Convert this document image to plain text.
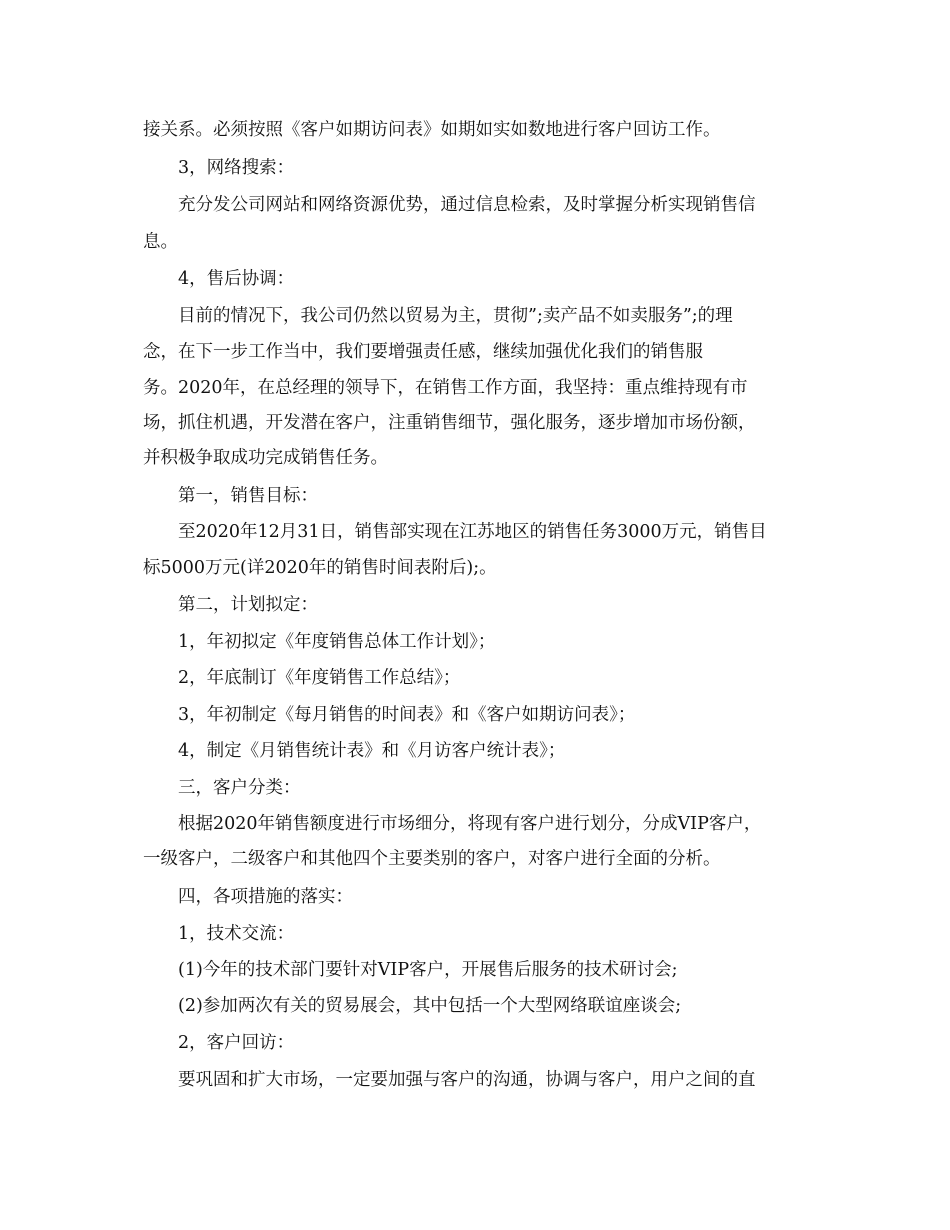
接关系。必须按照《客户如期访问表》如期如实如数地进行客户回访工作。
3，网络搜索：
充分发公司网站和网络资源优势，通过信息检索，及时掌握分析实现销售信
息。
4，售后协调：
目前的情况下，我公司仍然以贸易为主，贯彻”;卖产品不如卖服务”;的理
念，在下一步工作当中，我们要增强责任感，继续加强优化我们的销售服
务。2020年，在总经理的领导下，在销售工作方面，我坚持：重点维持现有市
场，抓住机遇，开发潜在客户，注重销售细节，强化服务，逐步增加市场份额，
并积极争取成功完成销售任务。
第一，销售目标：
至2020年12月31日，销售部实现在江苏地区的销售任务3000万元，销售目
标5000万元(详2020年的销售时间表附后);。
第二，计划拟定：
1，年初拟定《年度销售总体工作计划》；
2，年底制订《年度销售工作总结》；
3，年初制定《每月销售的时间表》和《客户如期访问表》；
4，制定《月销售统计表》和《月访客户统计表》；
三，客户分类：
根据2020年销售额度进行市场细分，将现有客户进行划分，分成VIP客户，
一级客户，二级客户和其他四个主要类别的客户，对客户进行全面的分析。
四，各项措施的落实：
1，技术交流：
(1)今年的技术部门要针对VIP客户，开展售后服务的技术研讨会;
(2)参加两次有关的贸易展会，其中包括一个大型网络联谊座谈会;
2，客户回访：
要巩固和扩大市场，一定要加强与客户的沟通，协调与客户，用户之间的直
